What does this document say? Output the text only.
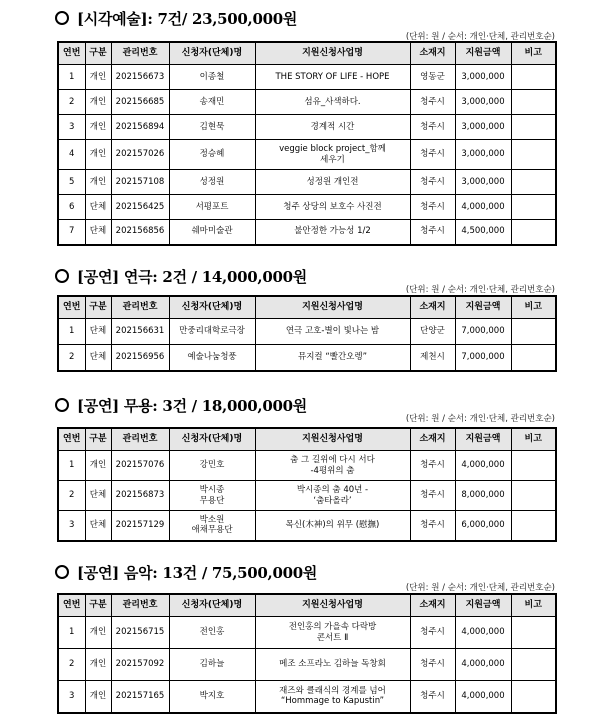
[시각예술]: 7건/ 23,500,000원
(단위: 원 / 순서: 개인·단체, 관리번호순)
연번	구분	관리번호	신청자(단체)명	지원신청사업명	소재지	지원금액	비고
1	개인	202156673	이종철	THE STORY OF LIFE - HOPE	영동군	3,000,000	
2	개인	202156685	송재민	섬유_사색하다.	청주시	3,000,000	
3	개인	202156894	김현묵	경계적 시간	청주시	3,000,000	
4	개인	202157026	정승혜	veggie block project_함께
세우기	청주시	3,000,000	
5	개인	202157108	성정원	성정원 개인전	청주시	3,000,000	
6	단체	202156425	서평포트	청주 상당의 보호수 사진전	청주시	4,000,000	
7	단체	202156856	쉐마미술관	불안정한 가능성 1/2	청주시	4,500,000	
[공연] 연극: 2건 / 14,000,000원
(단위: 원 / 순서: 개인·단체, 관리번호순)
연번	구분	관리번호	신청자(단체)명	지원신청사업명	소재지	지원금액	비고
1	단체	202156631	만중리대학로극장	연극 고호-별이 빛나는 밤	단양군	7,000,000	
2	단체	202156956	예술나눔청풍	뮤지컬 “빨간오렝”	제천시	7,000,000	
[공연] 무용: 3건 / 18,000,000원
(단위: 원 / 순서: 개인·단체, 관리번호순)
연번	구분	관리번호	신청자(단체)명	지원신청사업명	소재지	지원금액	비고
1	개인	202157076	강민호	춤 그 길위에 다시 서다
-4평위의 춤	청주시	4,000,000	
2	단체	202156873	박시종
무용단	박시종의 춤 40년 -
‘춤타올라’	청주시	8,000,000	
3	단체	202157129	박소원
애채무용단	목신(木神)의 위무 (慰撫)	청주시	6,000,000	
[공연] 음악: 13건 / 75,500,000원
(단위: 원 / 순서: 개인·단체, 관리번호순)
연번	구분	관리번호	신청자(단체)명	지원신청사업명	소재지	지원금액	비고
1	개인	202156715	전인홍	전인홍의 가을속 다락방
콘서트 Ⅱ	청주시	4,000,000	
2	개인	202157092	김하늘	메조 소프라노 김하늘 독창회	청주시	4,000,000	
3	개인	202157165	박지호	재즈와 클래식의 경계를 넘어
“Hommage to Kapustin”	청주시	4,000,000	
